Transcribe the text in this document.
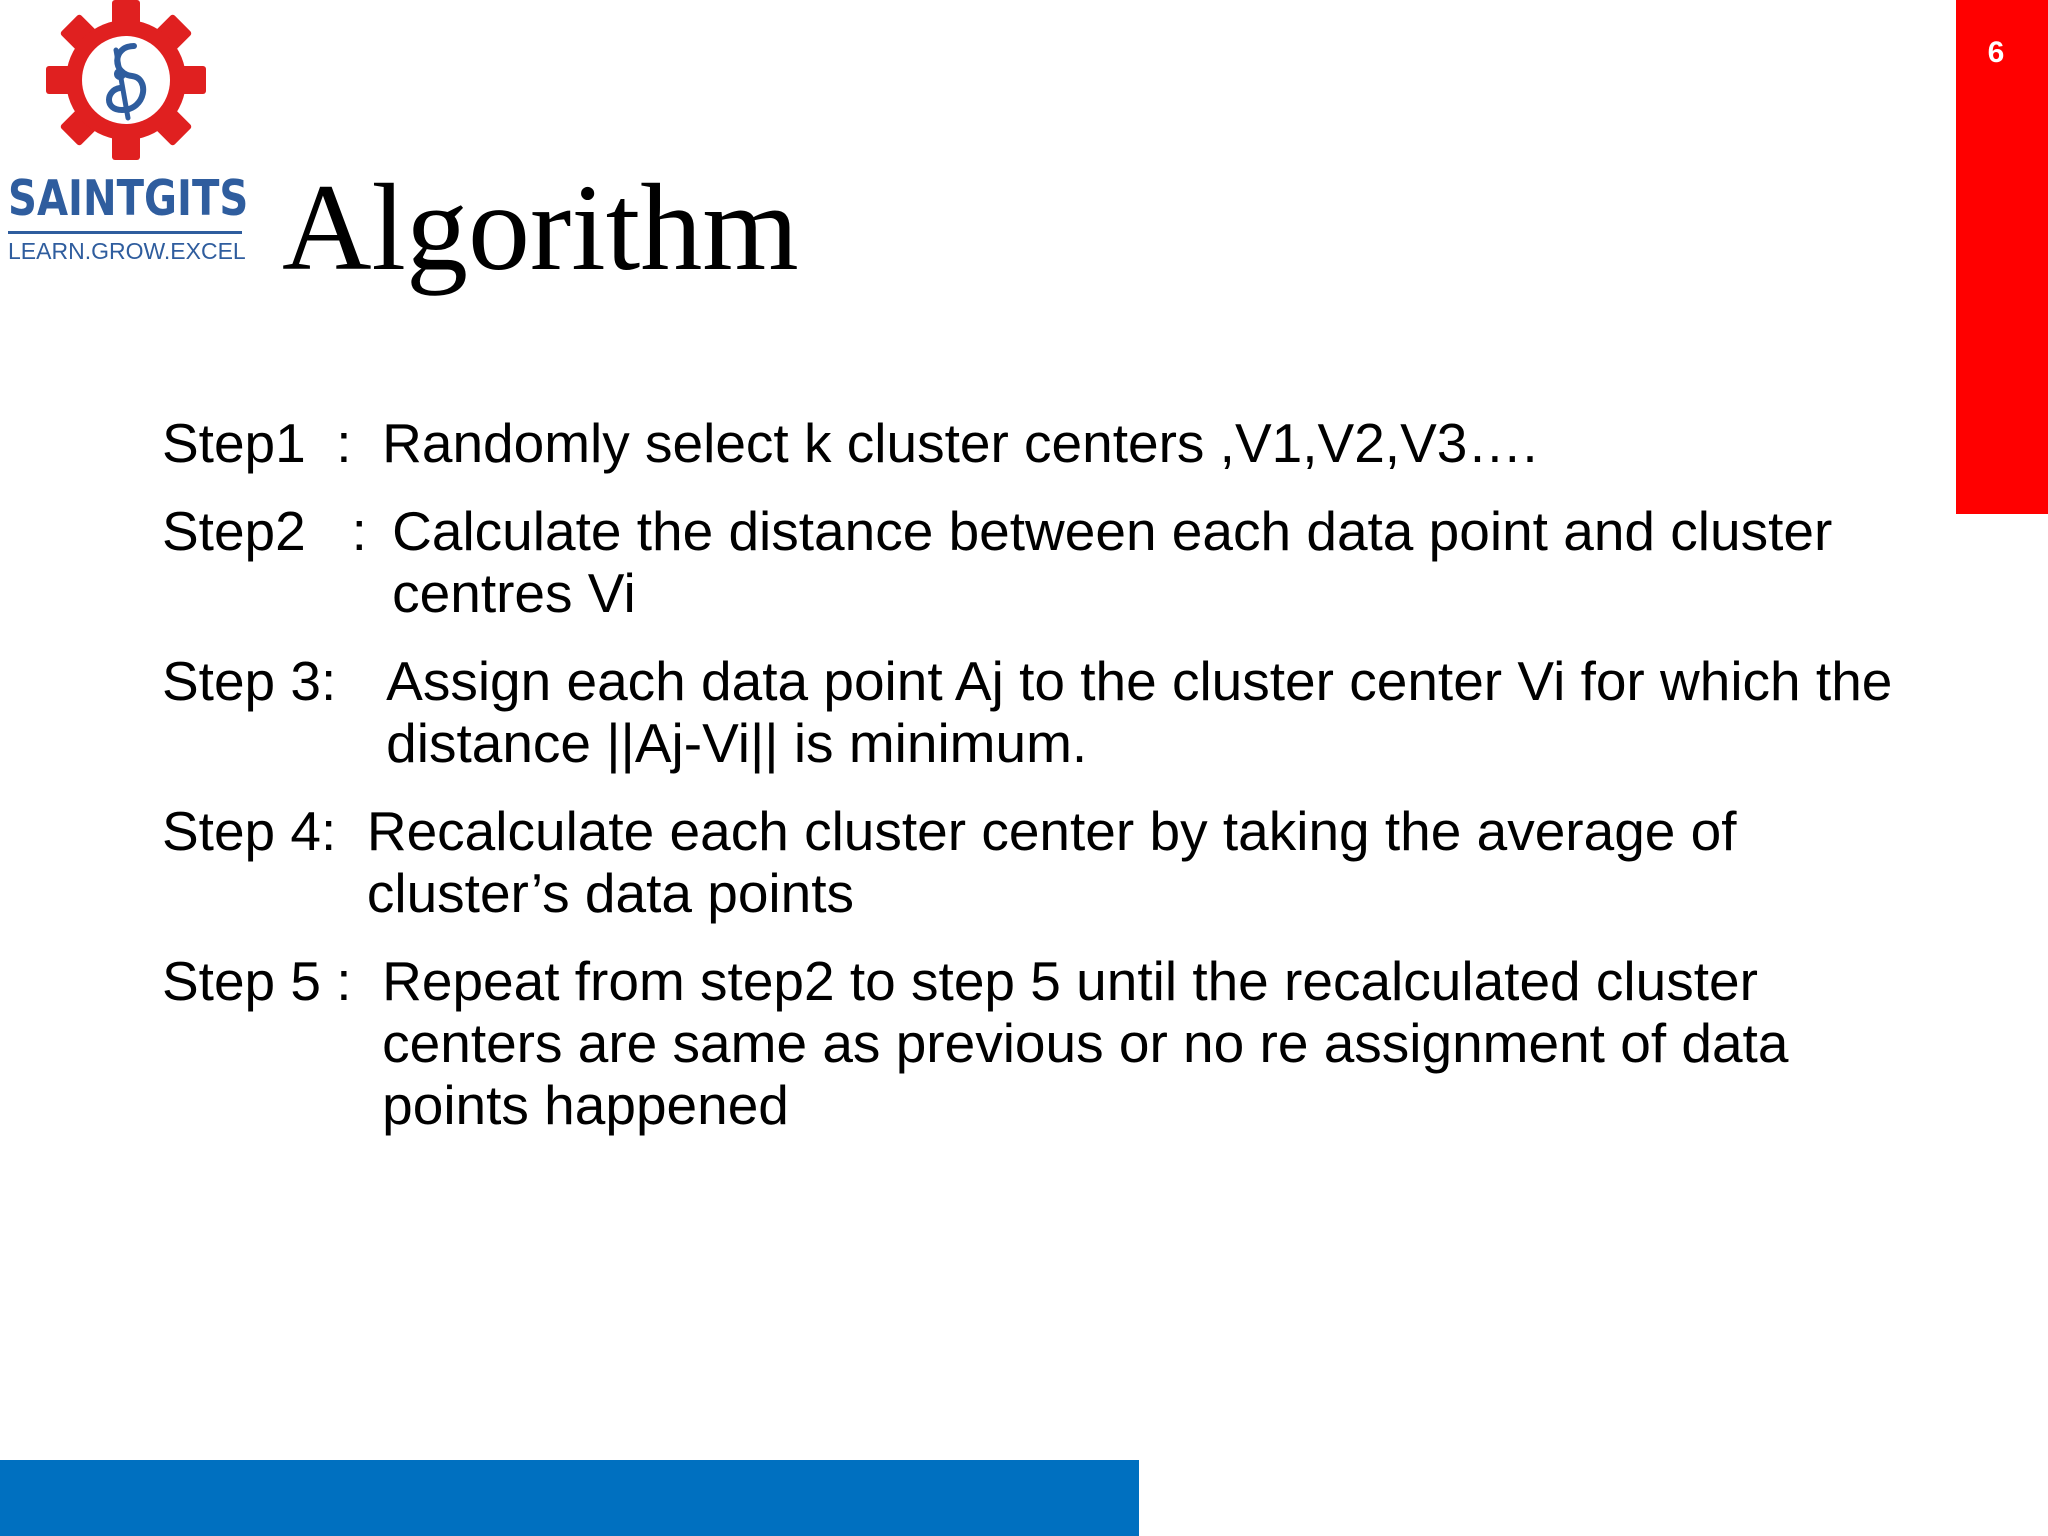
6
SAINTGITS
LEARN.GROW.EXCEL Algorithm
Step1  : Randomly select k cluster centers ,V1,V2,V3….
Step2   : Calculate the distance between each data point and cluster centres Vi
Step 3: Assign each data point Aj to the cluster center Vi for which the distance ||Aj-Vi|| is minimum.
Step 4: Recalculate each cluster center by taking the average of cluster’s data points
Step 5 : Repeat from step2 to step 5 until the recalculated cluster centers are same as previous or no re assignment of data points happened
